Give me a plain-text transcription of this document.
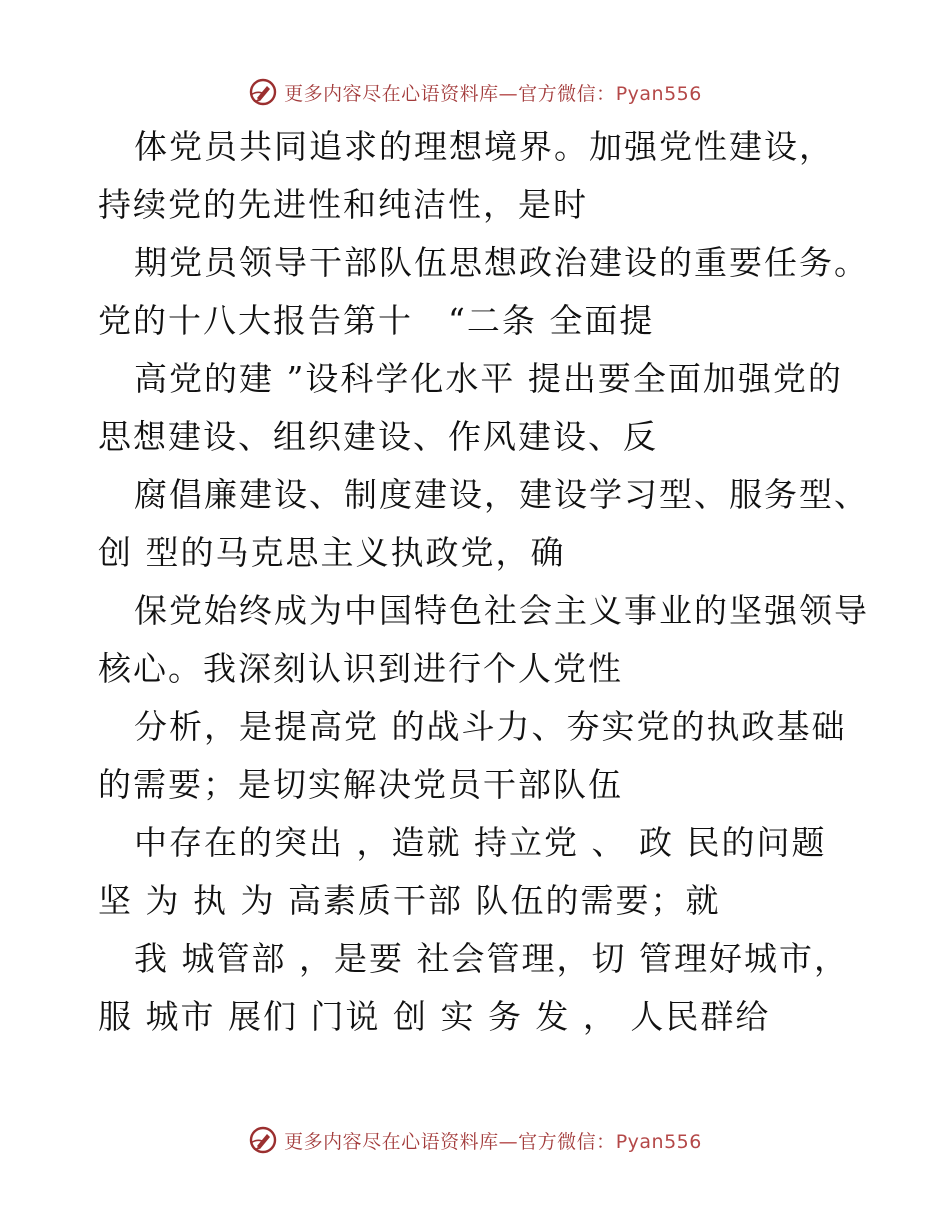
更多内容尽在心语资料库—官方微信：Pyan556
体党员共同追求的理想境界。加强党性建设，
持续党的先进性和纯洁性，是时
期党员领导干部队伍思想政治建设的重要任务。
党的十八大报告第十　“二条 全面提
高党的建 ”设科学化水平 提出要全面加强党的
思想建设、组织建设、作风建设、反
腐倡廉建设、制度建设，建设学习型、服务型、
创 型的马克思主义执政党，确
保党始终成为中国特色社会主义事业的坚强领导
核心。我深刻认识到进行个人党性
分析，是提高党 的战斗力、夯实党的执政基础
的需要；是切实解决党员干部队伍
中存在的突出 ，造就 持立党 、 政 民的问题
坚 为 执 为 高素质干部 队伍的需要；就
我 城管部 ，是要 社会管理，切 管理好城市，
服 城市 展们 门说 创 实 务 发 ， 人民群给
更多内容尽在心语资料库—官方微信：Pyan556
